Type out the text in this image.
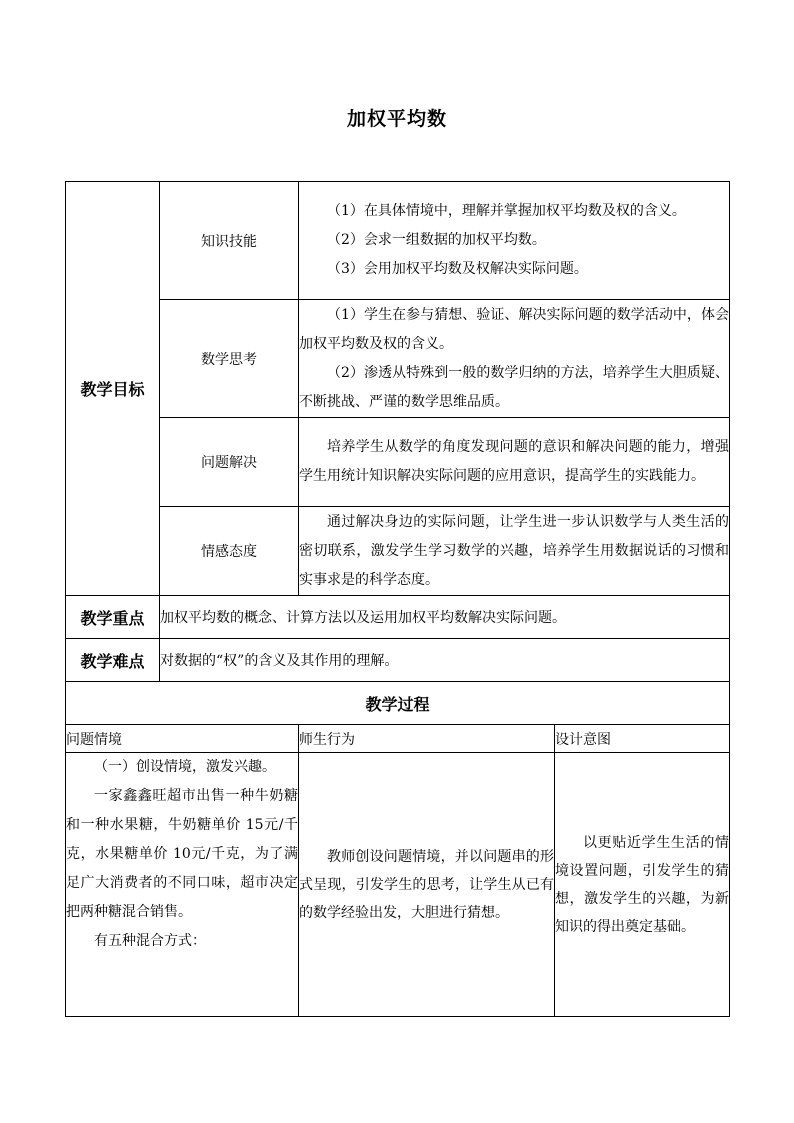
加权平均数
教学目标	知识技能	（1）在具体情境中，理解并掌握加权平均数及权的含义。

（2）会求一组数据的加权平均数。

（3）会用加权平均数及权解决实际问题。	

	数学思考	（1）学生在参与猜想、验证、解决实际问题的数学活动中，体会加权平均数及权的含义。

（2）渗透从特殊到一般的数学归纳的方法，培养学生大胆质疑、不断挑战、严谨的数学思维品质。	

	问题解决	培养学生从数学的角度发现问题的意识和解决问题的能力，增强学生用统计知识解决实际问题的应用意识，提高学生的实践能力。	

	情感态度	通过解决身边的实际问题，让学生进一步认识数学与人类生活的密切联系，激发学生学习数学的兴趣，培养学生用数据说话的习惯和实事求是的科学态度。	

教学重点	加权平均数的概念、计算方法以及运用加权平均数解决实际问题。		
教学难点	对数据的“权”的含义及其作用的理解。		
教学过程			
问题情境		师生行为	设计意图

（一）创设情境，激发兴趣。

一家鑫鑫旺超市出售一种牛奶糖和一种水果糖，牛奶糖单价 15元/千克，水果糖单价 10元/千克，为了满足广大消费者的不同口味，超市决定把两种糖混合销售。

有五种混合方式：		教师创设问题情境，并以问题串的形式呈现，引发学生的思考，让学生从已有的数学经验出发，大胆进行猜想。	以更贴近学生生活的情境设置问题，引发学生的猜想，激发学生的兴趣，为新知识的得出奠定基础。
